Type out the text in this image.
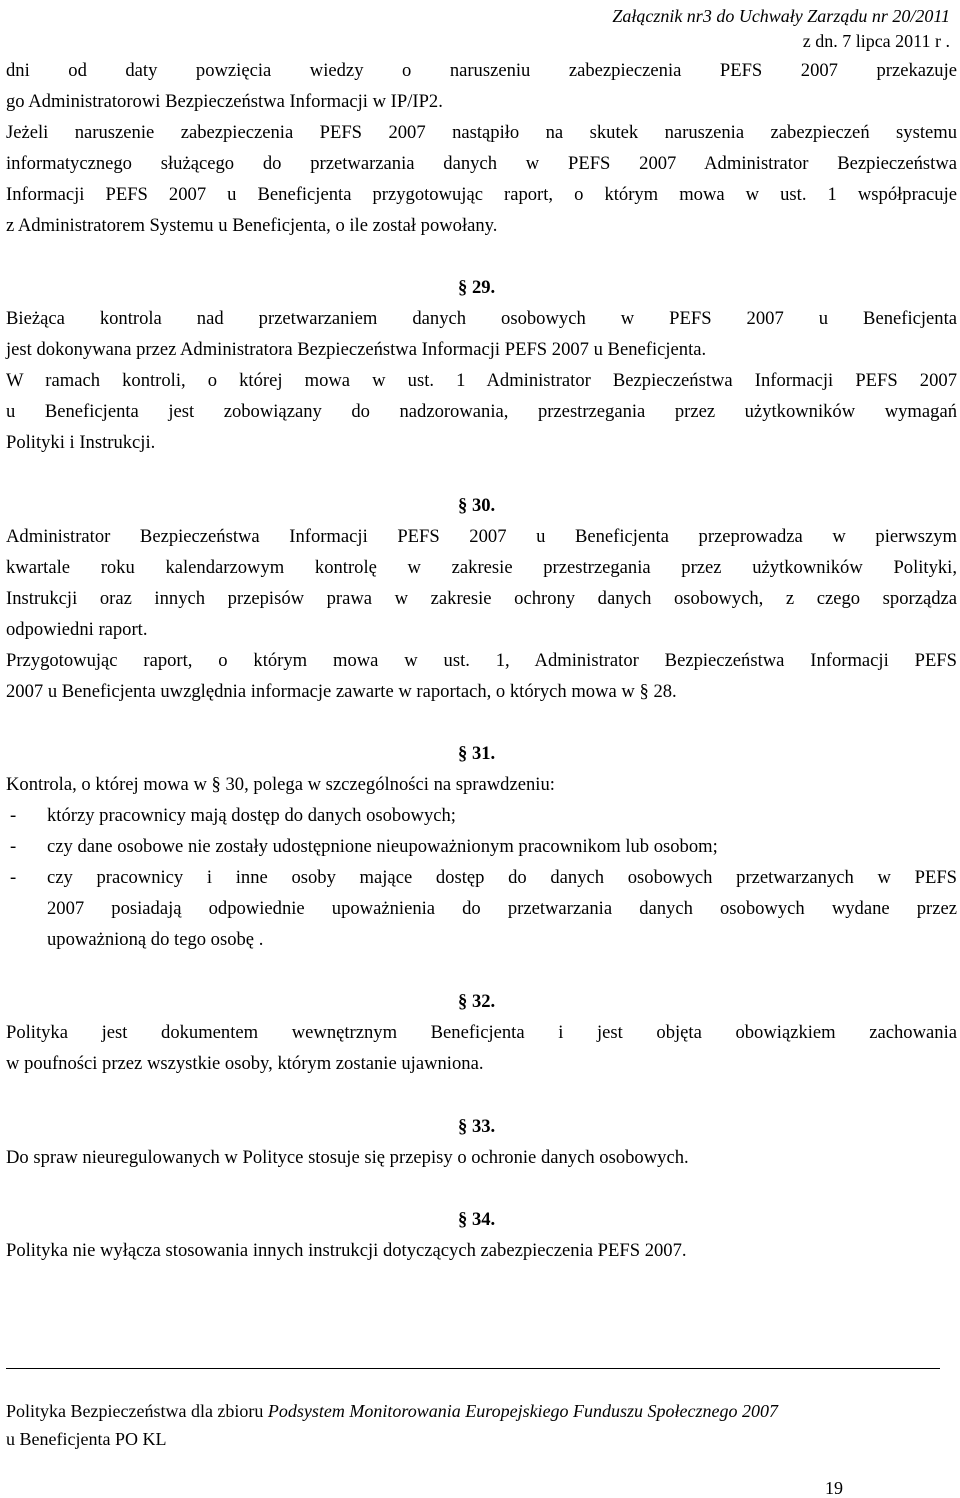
Załącznik nr3 do Uchwały Zarządu nr 20/2011
z dn. 7 lipca 2011 r .
dni od daty powzięcia wiedzy o naruszeniu zabezpieczenia PEFS 2007 przekazuje
go Administratorowi Bezpieczeństwa Informacji w IP/IP2.
Jeżeli naruszenie zabezpieczenia PEFS 2007 nastąpiło na skutek naruszenia zabezpieczeń systemu
informatycznego służącego do przetwarzania danych w PEFS 2007 Administrator Bezpieczeństwa
Informacji PEFS 2007 u Beneficjenta przygotowując raport, o którym mowa w ust. 1 współpracuje
z Administratorem Systemu u Beneficjenta, o ile został powołany.
§ 29.
Bieżąca kontrola nad przetwarzaniem danych osobowych w PEFS 2007 u Beneficjenta
jest dokonywana przez Administratora Bezpieczeństwa Informacji PEFS 2007 u Beneficjenta.
W ramach kontroli, o której mowa w ust. 1 Administrator Bezpieczeństwa Informacji PEFS 2007
u Beneficjenta jest zobowiązany do nadzorowania, przestrzegania przez użytkowników wymagań
Polityki i Instrukcji.
§ 30.
Administrator Bezpieczeństwa Informacji PEFS 2007 u Beneficjenta przeprowadza w pierwszym
kwartale roku kalendarzowym kontrolę w zakresie przestrzegania przez użytkowników Polityki,
Instrukcji oraz innych przepisów prawa w zakresie ochrony danych osobowych, z czego sporządza
odpowiedni raport.
Przygotowując raport, o którym mowa w ust. 1, Administrator Bezpieczeństwa Informacji PEFS
2007 u Beneficjenta uwzględnia informacje zawarte w raportach, o których mowa w § 28.
§ 31.
Kontrola, o której mowa w § 30, polega w szczególności na sprawdzeniu:
- którzy pracownicy mają dostęp do danych osobowych;
- czy dane osobowe nie zostały udostępnione nieupoważnionym pracownikom lub osobom;
- czy pracownicy i inne osoby mające dostęp do danych osobowych przetwarzanych w PEFS
2007 posiadają odpowiednie upoważnienia do przetwarzania danych osobowych wydane przez
upoważnioną do tego osobę .
§ 32.
Polityka jest dokumentem wewnętrznym Beneficjenta i jest objęta obowiązkiem zachowania
w poufności przez wszystkie osoby, którym zostanie ujawniona.
§ 33.
Do spraw nieuregulowanych w Polityce stosuje się przepisy o ochronie danych osobowych.
§ 34.
Polityka nie wyłącza stosowania innych instrukcji dotyczących zabezpieczenia PEFS 2007.
Polityka Bezpieczeństwa dla zbioru Podsystem Monitorowania Europejskiego Funduszu Społecznego 2007
u Beneficjenta PO KL
19
